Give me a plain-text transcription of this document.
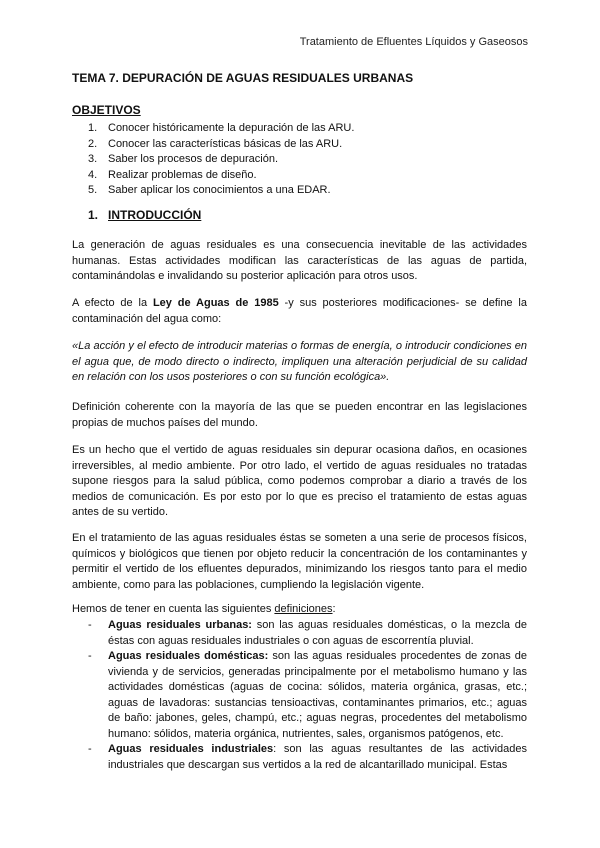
Tratamiento de Efluentes Líquidos y Gaseosos
TEMA 7. DEPURACIÓN DE AGUAS RESIDUALES URBANAS
OBJETIVOS
1. Conocer históricamente la depuración de las ARU.
2. Conocer las características básicas de las ARU.
3. Saber los procesos de depuración.
4. Realizar problemas de diseño.
5. Saber aplicar los conocimientos a una EDAR.
1. INTRODUCCIÓN

La generación de aguas residuales es una consecuencia inevitable de las actividades humanas. Estas actividades modifican las características de las aguas de partida, contaminándolas e invalidando su posterior aplicación para otros usos.

A efecto de la Ley de Aguas de 1985 -y sus posteriores modificaciones- se define la contaminación del agua como:

«La acción y el efecto de introducir materias o formas de energía, o introducir condiciones en el agua que, de modo directo o indirecto, impliquen una alteración perjudicial de su calidad en relación con los usos posteriores o con su función ecológica».

Definición coherente con la mayoría de las que se pueden encontrar en las legislaciones propias de muchos países del mundo.

Es un hecho que el vertido de aguas residuales sin depurar ocasiona daños, en ocasiones irreversibles, al medio ambiente. Por otro lado, el vertido de aguas residuales no tratadas supone riesgos para la salud pública, como podemos comprobar a diario a través de los medios de comunicación. Es por esto por lo que es preciso el tratamiento de estas aguas antes de su vertido.

En el tratamiento de las aguas residuales éstas se someten a una serie de procesos físicos, químicos y biológicos que tienen por objeto reducir la concentración de los contaminantes y permitir el vertido de los efluentes depurados, minimizando los riesgos tanto para el medio ambiente, como para las poblaciones, cumpliendo la legislación vigente.

Hemos de tener en cuenta las siguientes definiciones:

- Aguas residuales urbanas: son las aguas residuales domésticas, o la mezcla de éstas con aguas residuales industriales o con aguas de escorrentía pluvial.
- Aguas residuales domésticas: son las aguas residuales procedentes de zonas de vivienda y de servicios, generadas principalmente por el metabolismo humano y las actividades domésticas (aguas de cocina: sólidos, materia orgánica, grasas, etc.; aguas de lavadoras: sustancias tensioactivas, contaminantes primarios, etc.; aguas de baño: jabones, geles, champú, etc.; aguas negras, procedentes del metabolismo humano: sólidos, materia orgánica, nutrientes, sales, organismos patógenos, etc.
- Aguas residuales industriales: son las aguas resultantes de las actividades industriales que descargan sus vertidos a la red de alcantarillado municipal. Estas
